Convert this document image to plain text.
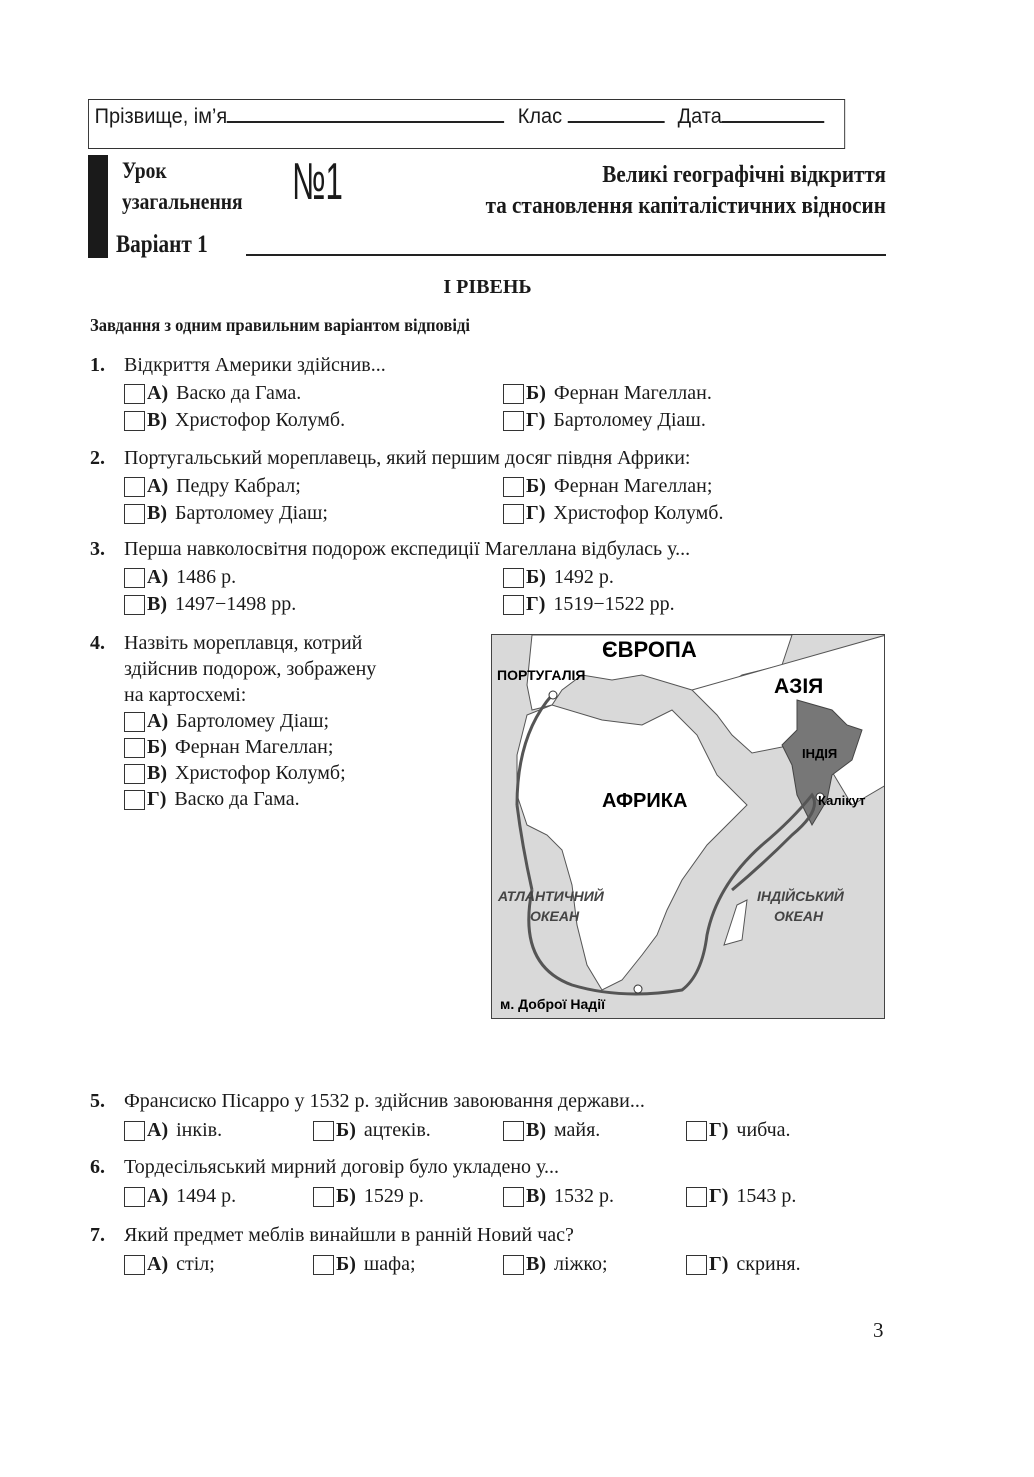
Прізвище, ім’я	Клас	Дата
Урок
узагальнення №1	Великі географічні відкриття
та становлення капіталістичних відносин
Варіант 1
І РІВЕНЬ
Завдання з одним правильним варіантом відповіді
1. Відкриття Америки здійснив...
А) Васко да Гама.	Б) Фернан Магеллан.
В) Христофор Колумб.	Г) Бартоломеу Діаш.
2. Португальський мореплавець, який першим досяг півдня Африки:
А) Педру Кабрал;	Б) Фернан Магеллан;
В) Бартоломеу Діаш;	Г) Христофор Колумб.
3. Перша навколосвітня подорож експедиції Магеллана відбулась у...
А) 1486 р.	Б) 1492 р.
В) 1497−1498 рр.	Г) 1519−1522 рр.
4. Назвіть мореплавця, котрий
здійснив подорож, зображену
на картосхемі:
А) Бартоломеу Діаш;
Б) Фернан Магеллан;
В) Христофор Колумб;
Г) Васко да Гама.
5. Франсиско Пісарро у 1532 р. здійснив завоювання держави...
А) інків.	Б) ацтеків.	В) майя.	Г) чибча.
6. Тордесільяський мирний договір було укладено у...
А) 1494 р.	Б) 1529 р.	В) 1532 р.	Г) 1543 р.
7. Який предмет меблів винайшли в ранній Новий час?
А) стіл;	Б) шафа;	В) ліжко;	Г) скриня.
ЄВРОПА
ПОРТУГАЛІЯ	АЗІЯ
ІНДІЯ
АФРИКА	Калікут
АТЛАНТИЧНИЙ
ОКЕАН
ІНДІЙСЬКИЙ
ОКЕАН
м. Доброї Надії
3
